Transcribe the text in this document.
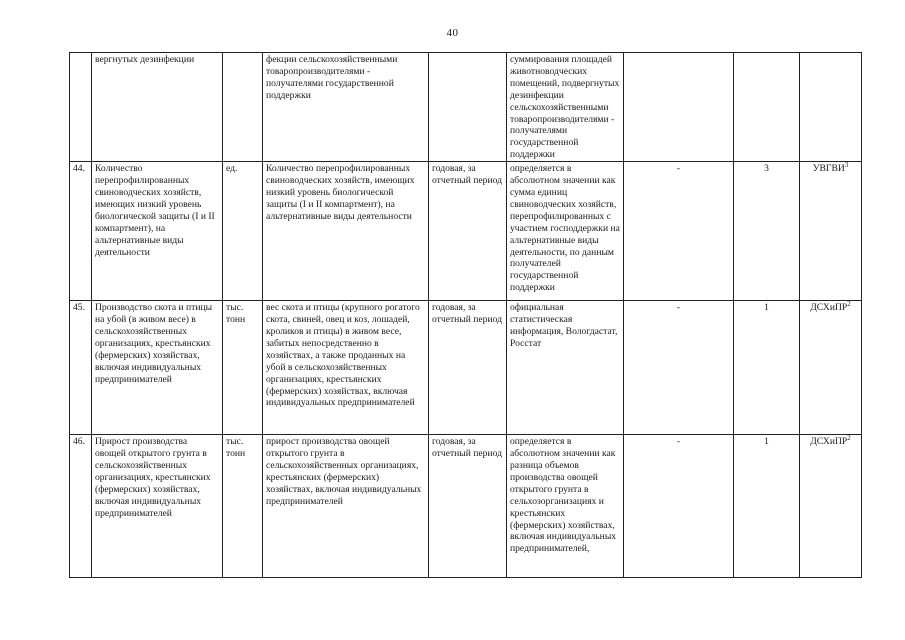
40
	вергнутых дезинфекции		фекции сельскохозяйственными товаропроизводителями - получателями государственной поддержки		суммирования площадей животноводческих помещений, подвергнутых дезинфекции сельскохозяйственными товаропроизводителями - получателями государственной поддержки			
44.	Количество перепрофилированных свиноводческих хозяйств, имеющих низкий уровень биологической защиты (I и II компартмент), на альтернативные виды деятельности	ед.	Количество перепрофилированных свиноводческих хозяйств, имеющих низкий уровень биологической защиты (I и II компартмент), на альтернативные виды деятельности	годовая, за отчетный период	определяется в абсолютном значении как сумма единиц свиноводческих хозяйств, перепрофилированных с участием господдержки на альтернативные виды деятельности, по данным получателей государственной поддержки	-	3	УВГВИ$^3$
45.	Производство скота и птицы на убой (в живом весе) в сельскохозяйственных организациях, крестьянских (фермерских) хозяйствах, включая индивидуальных предпринимателей	тыс. тонн	вес скота и птицы (крупного рогатого скота, свиней, овец и коз, лошадей, кроликов и птицы) в живом весе, забитых непосредственно в хозяйствах, а также проданных на убой в сельскохозяйственных организациях, крестьянских (фермерских) хозяйствах, включая индивидуальных предпринимателей	годовая, за отчетный период	официальная статистическая информация, Вологдастат, Росстат	-	1	ДСХиПР$^2$
46.	Прирост производства овощей открытого грунта в сельскохозяйственных организациях, крестьянских (фермерских) хозяйствах, включая индивидуальных предпринимателей	тыс. тонн	прирост производства овощей открытого грунта в сельскохозяйственных организациях, крестьянских (фермерских) хозяйствах, включая индивидуальных предпринимателей	годовая, за отчетный период	определяется в абсолютном значении как разница объемов производства овощей открытого грунта в сельхозорганизациях и крестьянских (фермерских) хозяйствах, включая индивидуальных предпринимателей,	-	1	ДСХиПР$^2$
